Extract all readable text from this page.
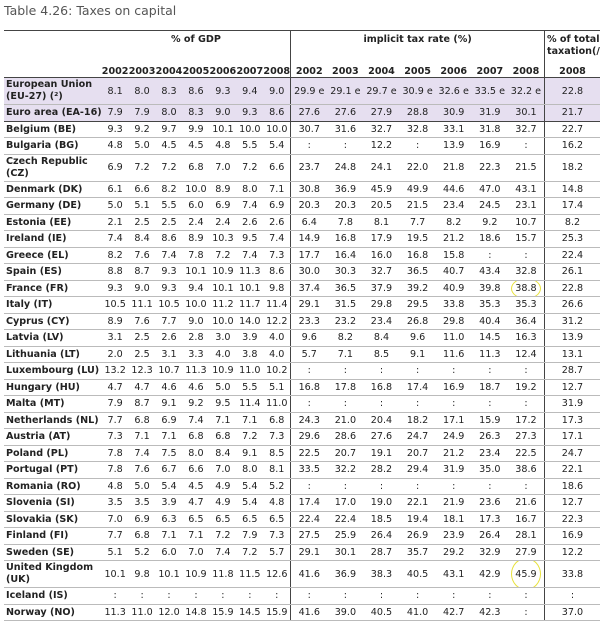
Table 4.26: Taxes on capital
	% of GDP							implicit tax rate (%)							% of total taxation(/
	2002	2003	2004	2005	2006	2007	2008	2002	2003	2004	2005	2006	2007	2008	2008
European Union (EU-27) (²)	8.1	8.0	8.3	8.6	9.3	9.4	9.0	29.9 e	29.1 e	29.7 e	30.9 e	32.6 e	33.5 e	32.2 e	22.8
Euro area (EA-16)	7.9	7.9	8.0	8.3	9.0	9.3	8.6	27.6	27.6	27.9	28.8	30.9	31.9	30.1	21.7
Belgium (BE)	9.3	9.2	9.7	9.9	10.1	10.0	10.0	30.7	31.6	32.7	32.8	33.1	31.8	32.7	22.7
Bulgaria (BG)	4.8	5.0	4.5	4.5	4.8	5.5	5.4	:	:	12.2	:	13.9	16.9	:	16.2
Czech Republic (CZ)	6.9	7.2	7.2	6.8	7.0	7.2	6.6	23.7	24.8	24.1	22.0	21.8	22.3	21.5	18.2
Denmark (DK)	6.1	6.6	8.2	10.0	8.9	8.0	7.1	30.8	36.9	45.9	49.9	44.6	47.0	43.1	14.8
Germany (DE)	5.0	5.1	5.5	6.0	6.9	7.4	6.9	20.3	20.3	20.5	21.5	23.4	24.5	23.1	17.4
Estonia (EE)	2.1	2.5	2.5	2.4	2.4	2.6	2.6	6.4	7.8	8.1	7.7	8.2	9.2	10.7	8.2
Ireland (IE)	7.4	8.4	8.6	8.9	10.3	9.5	7.4	14.9	16.8	17.9	19.5	21.2	18.6	15.7	25.3
Greece (EL)	8.2	7.6	7.4	7.8	7.2	7.4	7.3	17.7	16.4	16.0	16.8	15.8	:	:	22.4
Spain (ES)	8.8	8.7	9.3	10.1	10.9	11.3	8.6	30.0	30.3	32.7	36.5	40.7	43.4	32.8	26.1
France (FR)	9.3	9.0	9.3	9.4	10.1	10.1	9.8	37.4	36.5	37.9	39.2	40.9	39.8	38.8	22.8
Italy (IT)	10.5	11.1	10.5	10.0	11.2	11.7	11.4	29.1	31.5	29.8	29.5	33.8	35.3	35.3	26.6
Cyprus (CY)	8.9	7.6	7.7	9.0	10.0	14.0	12.2	23.3	23.2	23.4	26.8	29.8	40.4	36.4	31.2
Latvia (LV)	3.1	2.5	2.6	2.8	3.0	3.9	4.0	9.6	8.2	8.4	9.6	11.0	14.5	16.3	13.9
Lithuania (LT)	2.0	2.5	3.1	3.3	4.0	3.8	4.0	5.7	7.1	8.5	9.1	11.6	11.3	12.4	13.1
Luxembourg (LU)	13.2	12.3	10.7	11.3	10.9	11.0	10.2	:	:	:	:	:	:	:	28.7
Hungary (HU)	4.7	4.7	4.6	4.6	5.0	5.5	5.1	16.8	17.8	16.8	17.4	16.9	18.7	19.2	12.7
Malta (MT)	7.9	8.7	9.1	9.2	9.5	11.4	11.0	:	:	:	:	:	:	:	31.9
Netherlands (NL)	7.7	6.8	6.9	7.4	7.1	7.1	6.8	24.3	21.0	20.4	18.2	17.1	15.9	17.2	17.3
Austria (AT)	7.3	7.1	7.1	6.8	6.8	7.2	7.3	29.6	28.6	27.6	24.7	24.9	26.3	27.3	17.1
Poland (PL)	7.8	7.4	7.5	8.0	8.4	9.1	8.5	22.5	20.7	19.1	20.7	21.2	23.4	22.5	24.7
Portugal (PT)	7.8	7.6	6.7	6.6	7.0	8.0	8.1	33.5	32.2	28.2	29.4	31.9	35.0	38.6	22.1
Romania (RO)	4.8	5.0	5.4	4.5	4.9	5.4	5.2	:	:	:	:	:	:	:	18.6
Slovenia (SI)	3.5	3.5	3.9	4.7	4.9	5.4	4.8	17.4	17.0	19.0	22.1	21.9	23.6	21.6	12.7
Slovakia (SK)	7.0	6.9	6.3	6.5	6.5	6.5	6.5	22.4	22.4	18.5	19.4	18.1	17.3	16.7	22.3
Finland (FI)	7.7	6.8	7.1	7.1	7.2	7.9	7.3	27.5	25.9	26.4	26.9	23.9	26.4	28.1	16.9
Sweden (SE)	5.1	5.2	6.0	7.0	7.4	7.2	5.7	29.1	30.1	28.7	35.7	29.2	32.9	27.9	12.2
United Kingdom (UK)	10.1	9.8	10.1	10.9	11.8	11.5	12.6	41.6	36.9	38.3	40.5	43.1	42.9	45.9	33.8
Iceland (IS)	:	:	:	:	:	:	:	:	:	:	:	:	:	:	:
Norway (NO)	11.3	11.0	12.0	14.8	15.9	14.5	15.9	41.6	39.0	40.5	41.0	42.7	42.3	:	37.0
